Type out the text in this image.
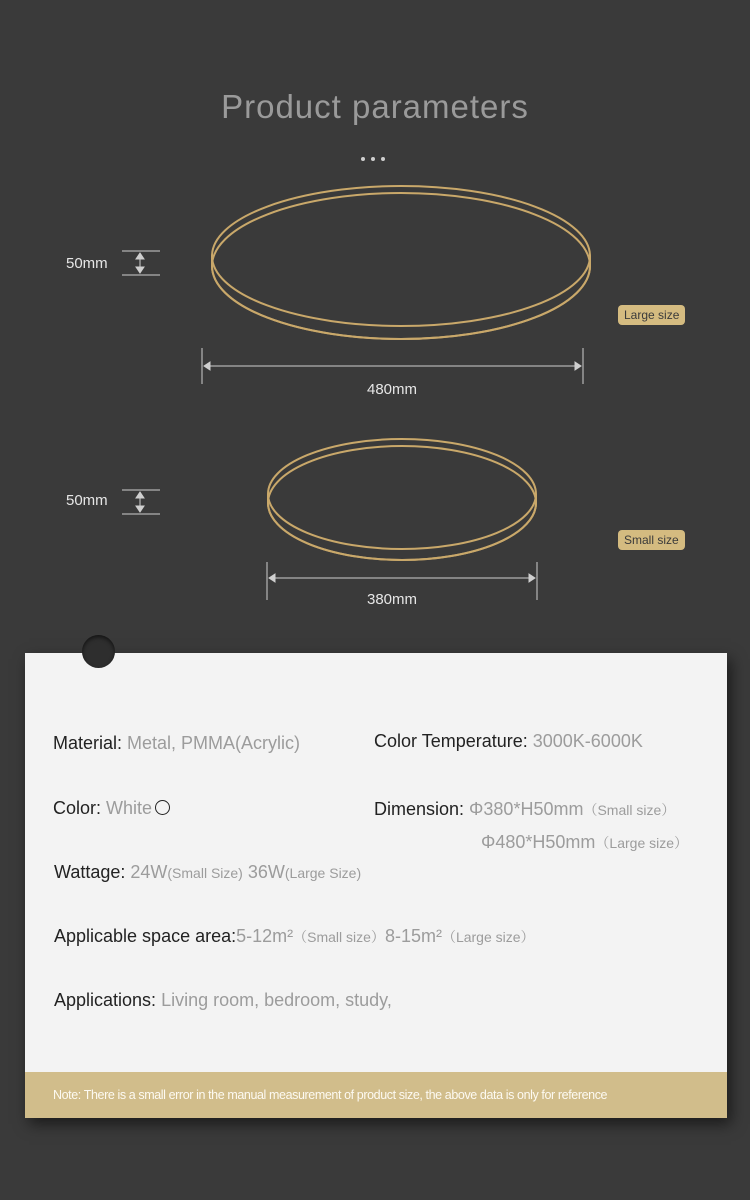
Product parameters
50mm
480mm
Large size
50mm
380mm
Small size
Material: Metal, PMMA(Acrylic)	Color Temperature: 3000K-6000K
Color: White	Dimension: Φ380*H50mm（Small size）
Φ480*H50mm（Large size）
Wattage: 24W(Small Size) 36W(Large Size)
Applicable space area:5-12m²（Small size）8-15m²（Large size）
Applications: Living room, bedroom, study,
Note: There is a small error in the manual measurement of product size, the above data is only for reference
